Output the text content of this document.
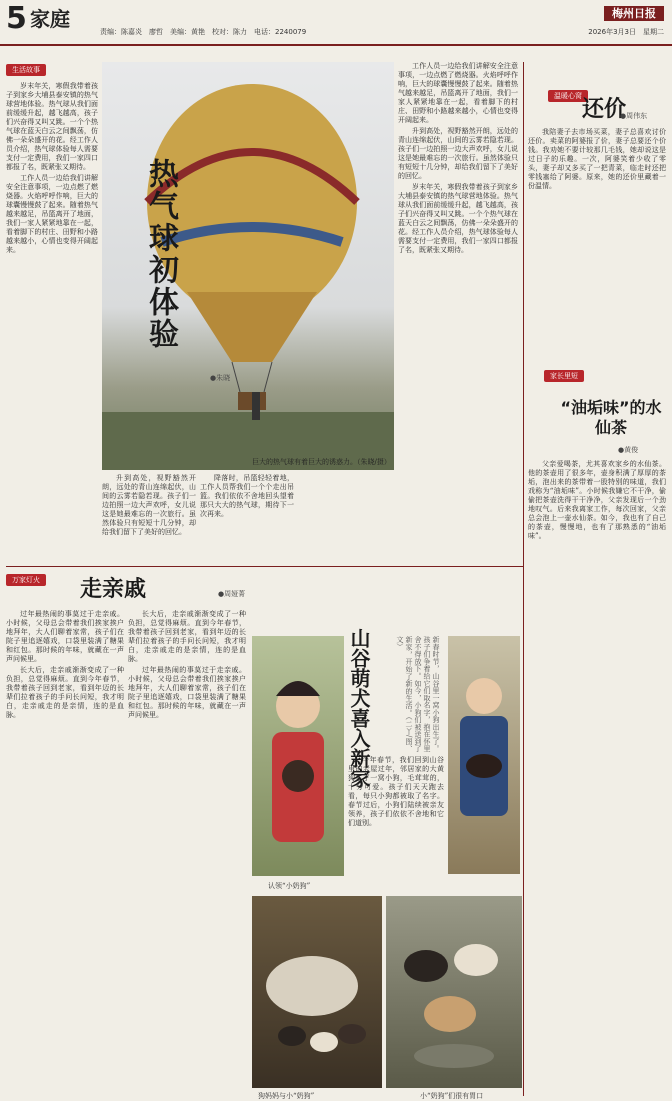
5 家庭
责编：陈嘉炎　廖哲　美编：黄艳　校对：陈力　电话：2240079
梅州日报
2026年3月3日　星期二
生活故事

岁末年关，寒假我带着孩子到家乡大埔县泰安镇的热气球营地体验。热气球从我们面前缓缓升起，越飞越高，孩子们兴奋得又叫又跳。一个个热气球在蓝天白云之间飘荡，仿佛一朵朵盛开的花。经工作人员介绍，热气球体验每人需要支付一定费用，我们一家四口都报了名，既紧张又期待。

工作人员一边给我们讲解安全注意事项，一边点燃了燃烧器。火焰呼呼作响，巨大的球囊慢慢鼓了起来。随着热气越来越足，吊篮离开了地面，我们一家人紧紧地靠在一起，看着脚下的村庄、田野和小路越来越小，心情也变得开阔起来。	热气球初体验
●朱晓
巨大的热气球有着巨大的诱惑力。（朱晓/摄）

升到高处，视野豁然开朗，远处的青山连绵起伏，山间的云雾若隐若现。孩子们一边拍照一边大声欢呼，女儿说这是她最难忘的一次旅行。虽然体验只有短短十几分钟，却给我们留下了美好的回忆。

降落时，吊篮轻轻着地，工作人员帮我们一个个走出吊篮。我们依依不舍地回头望着那只大大的热气球，期待下一次再来。

工作人员一边给我们讲解安全注意事项，一边点燃了燃烧器。火焰呼呼作响，巨大的球囊慢慢鼓了起来。随着热气越来越足，吊篮离开了地面，我们一家人紧紧地靠在一起，看着脚下的村庄、田野和小路越来越小，心情也变得开阔起来。

升到高处，视野豁然开朗，远处的青山连绵起伏，山间的云雾若隐若现。孩子们一边拍照一边大声欢呼，女儿说这是她最难忘的一次旅行。虽然体验只有短短十几分钟，却给我们留下了美好的回忆。

岁末年关，寒假我带着孩子到家乡大埔县泰安镇的热气球营地体验。热气球从我们面前缓缓升起，越飞越高，孩子们兴奋得又叫又跳。一个个热气球在蓝天白云之间飘荡，仿佛一朵朵盛开的花。经工作人员介绍，热气球体验每人需要支付一定费用，我们一家四口都报了名，既紧张又期待。

温暖心窝
还价
●周伟东

我陪妻子去市场买菜，妻子总喜欢讨价还价。卖菜的阿婆报了价，妻子总要还个价钱。我劝她不要计较那几毛钱，她却说这是过日子的乐趣。一次，阿婆笑着少收了零头，妻子却又多买了一把青菜，临走时还把零钱塞给了阿婆。原来，她的还价里藏着一份温情。

家长里短
“油垢味”的水仙茶
●黄俊

父亲爱喝茶，尤其喜欢家乡的水仙茶。他的茶壶用了很多年，壶身积满了厚厚的茶垢，泡出来的茶带着一股特别的味道，我们戏称为“油垢味”。小时候我嫌它不干净，偷偷把茶壶洗得干干净净，父亲发现后一个劲地叹气。后来我离家工作，每次回家，父亲总会泡上一壶水仙茶。如今，我也有了自己的茶壶，慢慢地，也有了那熟悉的“油垢味”。

万家灯火 走亲戚	●周娅菁

过年最热闹的事莫过于走亲戚。小时候，父母总会带着我们挨家挨户地拜年，大人们聊着家常，孩子们在院子里追逐嬉戏，口袋里装满了糖果和红包。那时候的年味，就藏在一声声问候里。

长大后，走亲戚渐渐变成了一种负担，总觉得麻烦。直到今年春节，我带着孩子回到老家，看到年迈的长辈们拉着孩子的手问长问短，我才明白，走亲戚走的是亲情，连的是血脉。

长大后，走亲戚渐渐变成了一种负担，总觉得麻烦。直到今年春节，我带着孩子回到老家，看到年迈的长辈们拉着孩子的手问长问短，我才明白，走亲戚走的是亲情，连的是血脉。

过年最热闹的事莫过于走亲戚。小时候，父母总会带着我们挨家挨户地拜年，大人们聊着家常，孩子们在院子里追逐嬉戏，口袋里装满了糖果和红包。那时候的年味，就藏在一声声问候里。

认领“小奶狗”
山谷萌犬喜入新家	新春时节，山谷里一窝小狗出生了。孩子们争着给它们取名字，抱在怀里舍不得放下。如今，小狗们被送到了新家，开始了新的生活。（二丫/图、文）

今年春节，我们回到山谷里的老屋过年，邻居家的大黄狗生了一窝小狗，毛茸茸的，十分可爱。孩子们天天跑去看，每只小狗都被取了名字。春节过后，小狗们陆续被亲友领养，孩子们依依不舍地和它们道别。

狗妈妈与小“奶狗”	小“奶狗”们很有胃口
